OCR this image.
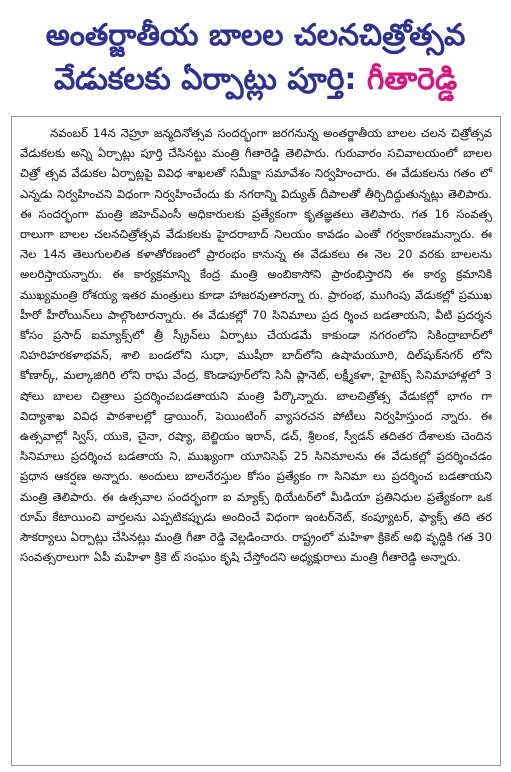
అంతర్జాతీయ బాలల చలనచిత్రోత్సవ
వేడుకలకు ఏర్పాట్లు పూర్తి: గీతారెడ్డి

నవంబర్ 14న నెహ్రూ జన్మదినోత్సవ సందర్భంగా జరగనున్న అంతర్జాతీయ బాలల చలన చిత్రోత్సవ వేడుకలకు అన్ని ఏర్పాట్లు పూర్తి చేసినట్టు మంత్రి గీతారెడ్డి తెలిపారు. గురువారం సచివాలయంలో బాలల చిత్రో త్సవ వేడుకల ఏర్పాట్లపై వివిధ శాఖలతో సమీక్షా సమావేశం నిర్వహించారు. ఈ వేడుకలను గతం లో ఎన్నడు నిర్వహించని విధంగా నిర్వహించేందు కు నగరాన్ని విద్యుత్ దీపాలతో తీర్చిదిద్దుతున్నట్లు తెలిపారు. ఈ సందర్భంగా మంత్రి జిహెచ్ఎంసీ అధికారులకు ప్రత్యేకంగా కృతజ్ఞతలు తెలిపారు. గత 16 సంవత్స రాలుగా బాలల చలనచిత్రోత్సవ వేడుకలకు హైదరాబాద్ నిలయం కావడం ఎంతో గర్వకారణమన్నారు. ఈ నెల 14న తెలుగులలిత కళాతోరణంలో ప్రారంభం కానున్న ఈ వేడుకలు ఈ నెల 20 వరకు బాలలను అలరిస్తాయన్నారు. ఈ కార్యక్రమాన్ని కేంద్ర మంత్రి అంబికాసోని ప్రారంభిస్తారని ఈ కార్య క్రమానికి ముఖ్యమంత్రి రోశయ్య ఇతర మంత్రులు కూడా హాజరవుతారన్నా రు. ప్రారంభ, ముగింపు వేడుకల్లో ప్రముఖ హీరో హీరోయిన్‌లు పాల్గొంటారన్నారు. ఈ వేడుకల్లో 70 సినిమాలు ప్రద ర్శించ బడతాయని, వీటి ప్రదర్శన కోసం ప్రసాద్ ఐమ్యాక్స్‌లో త్రీ స్క్రీన్‌లు ఏర్పాటు చేయడమే కాకుండా నగరంలోని సికింద్రాబాద్‌లో నిహరిహరకళాభవన్, శాలి బండలోని సుధా, ముషీరా బాద్‌లోని ఉషామయూరి, దిల్‌షుక్‌నగర్ లోని కోణార్క్, మల్కాజిగిరి లోని రాఘ వేంద్ర, కొండాపూర్‌లోని సినీ ప్లానెట్, లక్ష్మీకళా, హైటెక్స్ సినిమాహాళ్లలో 3 షోలు బాలల చిత్రాలు ప్రదర్శించబడతాయని మంత్రి పేర్కొన్నారు. బాలచిత్రోత్స వేడుకల్లో భాగం గా విద్యాశాఖ వివిధ పాఠశాలల్లో డ్రాయింగ్, పెయింటింగ్ వ్యాసరచన పోటీలు నిర్వహిస్తుంద న్నారు. ఈ ఉత్సవాల్లో స్విస్, యుకె, చైనా, రష్యా, బెల్జియం ఇరాన్, డచ్, శ్రీలంక, స్వీడన్ తదితర దేశాలకు చెందిన సినిమాలు ప్రదర్శించ బడతాయ ని, ముఖ్యంగా యూనిసెఫ్ 25 సినిమాలను ఈ వేడుకల్లో ప్రదర్శించడం ప్రధాన ఆకర్షణ అన్నారు. అందులు బాలనేరస్తుల కోసం ప్రత్యేకం గా సినిమా లు ప్రదర్శించ బడతాయని మంత్రి తెలిపారు. ఈ ఉత్సవాల సందర్భంగా ఐ మ్యాక్స్ థియేటర్‌లో మీడియా ప్రతినిధుల ప్రత్యేకంగా ఒక రూమ్ కేటాయించి వార్తలను ఎప్పటికప్పుడు అందించే విధంగా ఇంటర్‌నెట్, కంప్యూటర్, ఫ్యాక్స్ తది తర సౌకర్యాలు ఏర్పాట్లు చేసినట్లు మంత్రి గీతా రెడ్డి వెల్లడించారు. రాష్ట్రంలో మహిళా క్రికెట్ అభి వృద్ధికి గత 30 సంవత్సరాలుగా ఏపీ మహిళా క్రికె ట్ సంఘం కృషి చేస్తోందని అధ్యక్షురాలు మంత్రి గీతారెడ్డి అన్నారు.
